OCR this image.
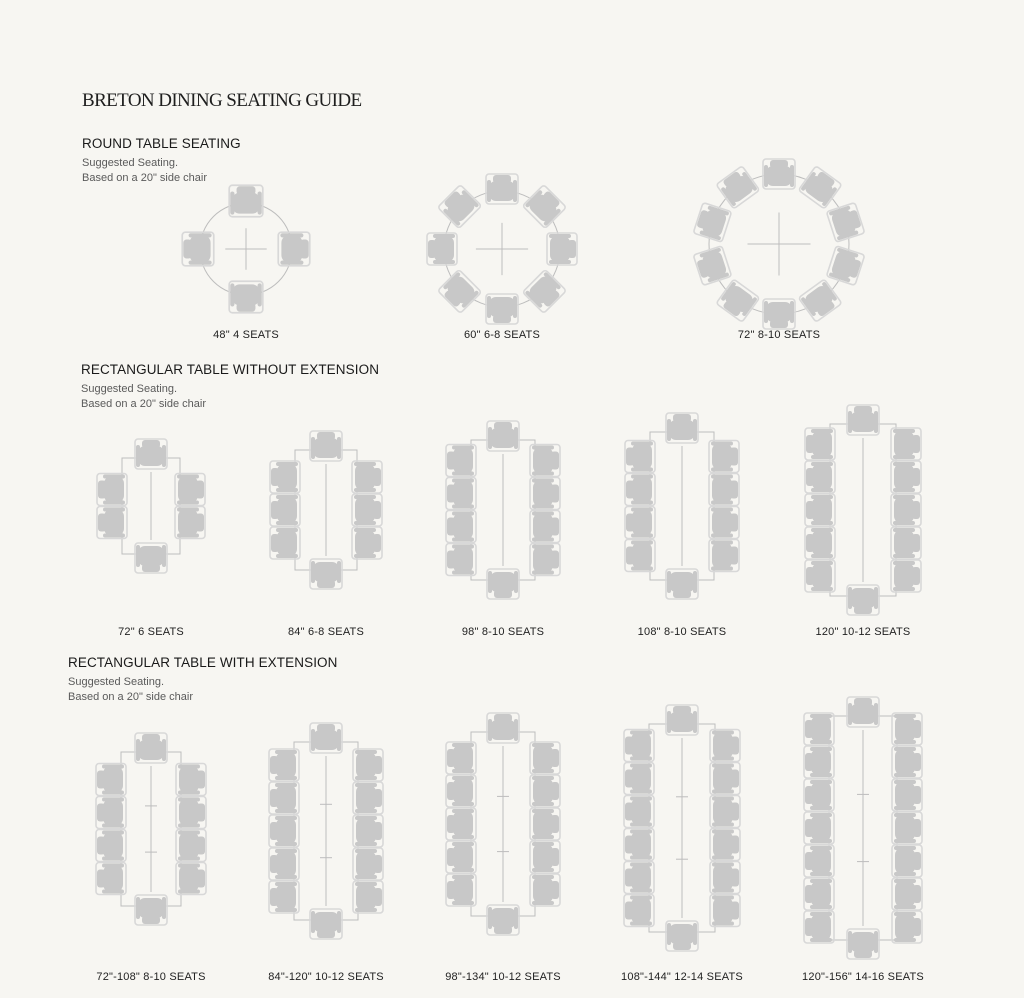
BRETON DINING SEATING GUIDE
ROUND TABLE SEATING
Suggested Seating.
Based on a 20" side chair
RECTANGULAR TABLE WITHOUT EXTENSION
Suggested Seating.
Based on a 20" side chair
RECTANGULAR TABLE WITH EXTENSION
Suggested Seating.
Based on a 20" side chair
48" 4 SEATS	60" 6-8 SEATS	72" 8-10 SEATS
72" 6 SEATS	84" 6-8 SEATS	98" 8-10 SEATS	108" 8-10 SEATS	120" 10-12 SEATS
72"-108" 8-10 SEATS	84"-120" 10-12 SEATS	98"-134" 10-12 SEATS	108"-144" 12-14 SEATS	120"-156" 14-16 SEATS
